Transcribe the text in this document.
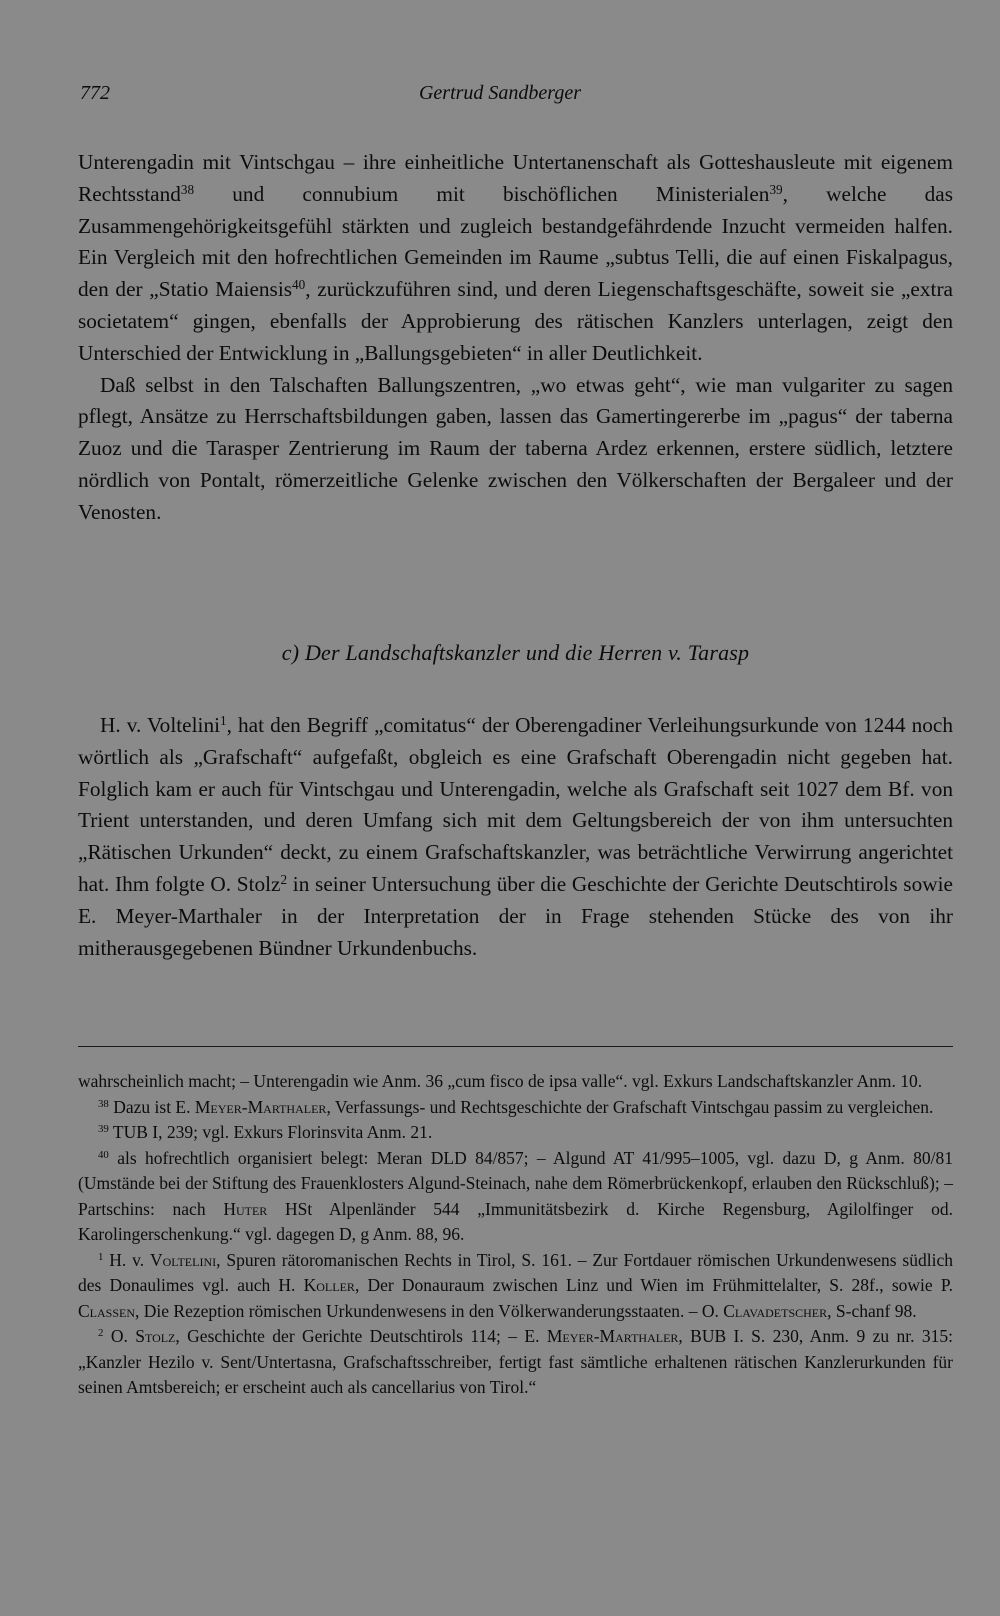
772	Gertrud Sandberger

Unterengadin mit Vintschgau – ihre einheitliche Untertanenschaft als Gotteshausleute mit eigenem Rechtsstand$^{38}$ und connubium mit bischöflichen Ministerialen$^{39}$, welche das Zusammengehörigkeitsgefühl stärkten und zugleich bestandgefährdende Inzucht vermeiden halfen. Ein Vergleich mit den hofrechtlichen Gemeinden im Raume „subtus Telli, die auf einen Fiskalpagus, den der „Statio Maiensis$^{40}$, zurückzuführen sind, und deren Liegenschaftsgeschäfte, soweit sie „extra societatem“ gingen, ebenfalls der Approbierung des rätischen Kanzlers unterlagen, zeigt den Unterschied der Entwicklung in „Ballungsgebieten“ in aller Deutlichkeit.

Daß selbst in den Talschaften Ballungszentren, „wo etwas geht“, wie man vulgariter zu sagen pflegt, Ansätze zu Herrschaftsbildungen gaben, lassen das Gamertingererbe im „pagus“ der taberna Zuoz und die Tarasper Zentrierung im Raum der taberna Ardez erkennen, erstere südlich, letztere nördlich von Pontalt, römerzeitliche Gelenke zwischen den Völkerschaften der Bergaleer und der Venosten.

c) Der Landschaftskanzler und die Herren v. Tarasp

H. v. Voltelini$^1$, hat den Begriff „comitatus“ der Oberengadiner Verleihungsurkunde von 1244 noch wörtlich als „Grafschaft“ aufgefaßt, obgleich es eine Grafschaft Oberengadin nicht gegeben hat. Folglich kam er auch für Vintschgau und Unterengadin, welche als Grafschaft seit 1027 dem Bf. von Trient unterstanden, und deren Umfang sich mit dem Geltungsbereich der von ihm untersuchten „Rätischen Urkunden“ deckt, zu einem Grafschaftskanzler, was beträchtliche Verwirrung angerichtet hat. Ihm folgte O. Stolz$^2$ in seiner Untersuchung über die Geschichte der Gerichte Deutschtirols sowie E. Meyer-Marthaler in der Interpretation der in Frage stehenden Stücke des von ihr mitherausgegebenen Bündner Urkundenbuchs.

wahrscheinlich macht; – Unterengadin wie Anm. 36 „cum fisco de ipsa valle“. vgl. Exkurs Landschaftskanzler Anm. 10.

$^{38}$ Dazu ist E. Meyer-Marthaler, Verfassungs- und Rechtsgeschichte der Grafschaft Vintschgau passim zu vergleichen.

$^{39}$ TUB I, 239; vgl. Exkurs Florinsvita Anm. 21.

$^{40}$ als hofrechtlich organisiert belegt: Meran DLD 84/857; – Algund AT 41/995–1005, vgl. dazu D, g Anm. 80/81 (Umstände bei der Stiftung des Frauenklosters Algund-Steinach, nahe dem Römerbrückenkopf, erlauben den Rückschluß); – Partschins: nach Huter HSt Alpenländer 544 „Immunitätsbezirk d. Kirche Regensburg, Agilolfinger od. Karolingerschenkung.“ vgl. dagegen D, g Anm. 88, 96.

$^1$ H. v. Voltelini, Spuren rätoromanischen Rechts in Tirol, S. 161. – Zur Fortdauer römischen Urkundenwesens südlich des Donaulimes vgl. auch H. Koller, Der Donauraum zwischen Linz und Wien im Frühmittelalter, S. 28f., sowie P. Classen, Die Rezeption römischen Urkundenwesens in den Völkerwanderungsstaaten. – O. Clavadetscher, S-chanf 98.

$^2$ O. Stolz, Geschichte der Gerichte Deutschtirols 114; – E. Meyer-Marthaler, BUB I. S. 230, Anm. 9 zu nr. 315: „Kanzler Hezilo v. Sent/Untertasna, Grafschaftsschreiber, fertigt fast sämtliche erhaltenen rätischen Kanzlerurkunden für seinen Amtsbereich; er erscheint auch als cancellarius von Tirol.“
